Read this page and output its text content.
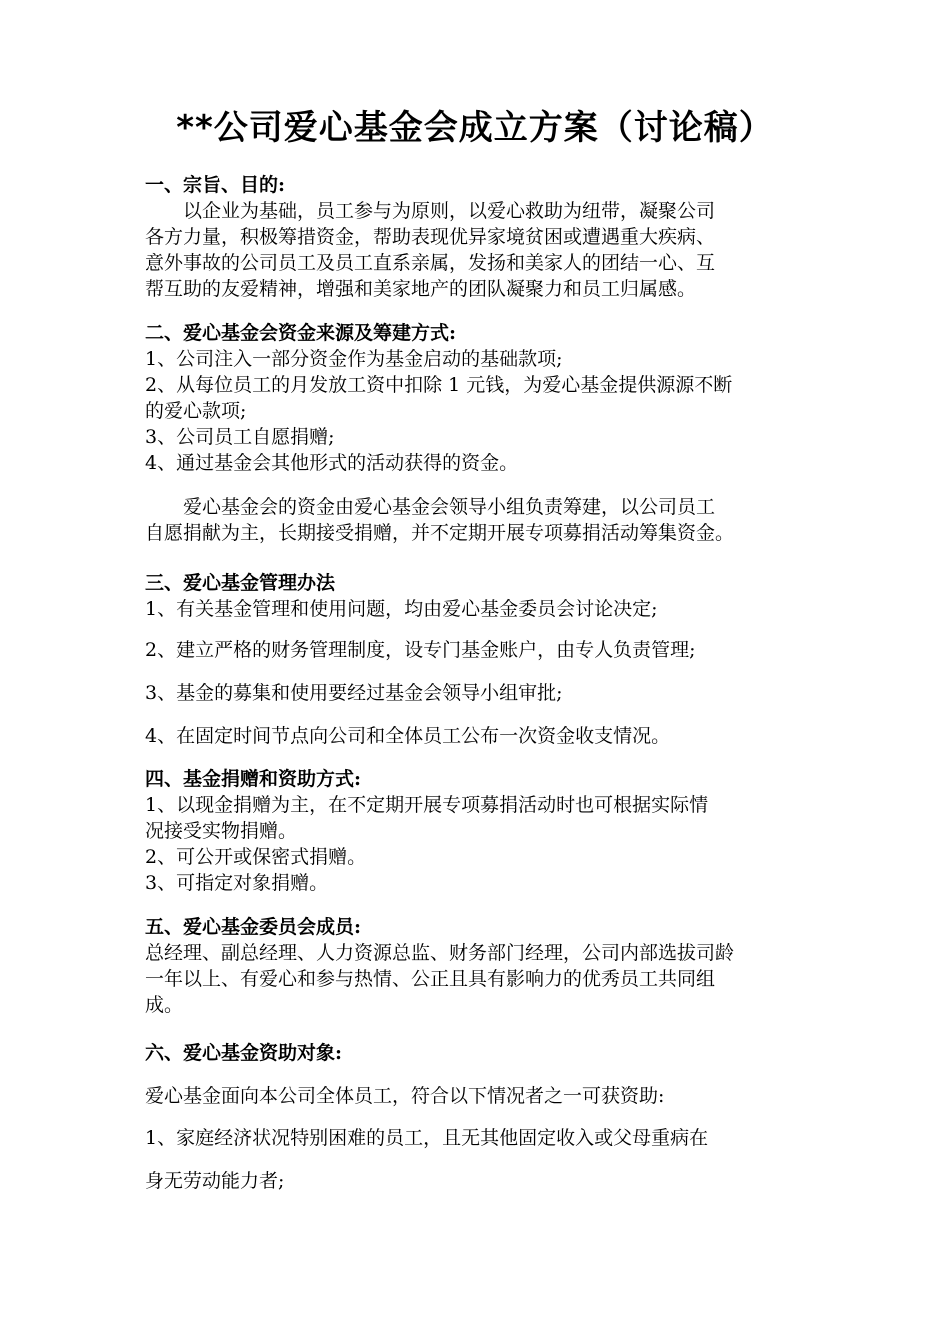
**公司爱心基金会成立方案（讨论稿）

一、宗旨、目的:

以企业为基础，员工参与为原则，以爱心救助为纽带，凝聚公司

各方力量，积极筹措资金，帮助表现优异家境贫困或遭遇重大疾病、

意外事故的公司员工及员工直系亲属，发扬和美家人的团结一心、互

帮互助的友爱精神，增强和美家地产的团队凝聚力和员工归属感。

二、爱心基金会资金来源及筹建方式:

1、公司注入一部分资金作为基金启动的基础款项;

2、从每位员工的月发放工资中扣除 1 元钱，为爱心基金提供源源不断

的爱心款项;

3、公司员工自愿捐赠;

4、通过基金会其他形式的活动获得的资金。

爱心基金会的资金由爱心基金会领导小组负责筹建，以公司员工

自愿捐献为主，长期接受捐赠，并不定期开展专项募捐活动筹集资金。

三、爱心基金管理办法

1、有关基金管理和使用问题，均由爱心基金委员会讨论决定;

2、建立严格的财务管理制度，设专门基金账户，由专人负责管理;

3、基金的募集和使用要经过基金会领导小组审批;

4、在固定时间节点向公司和全体员工公布一次资金收支情况。

四、基金捐赠和资助方式:

1、以现金捐赠为主，在不定期开展专项募捐活动时也可根据实际情

况接受实物捐赠。

2、可公开或保密式捐赠。

3、可指定对象捐赠。

五、爱心基金委员会成员:

总经理、副总经理、人力资源总监、财务部门经理，公司内部选拔司龄

一年以上、有爱心和参与热情、公正且具有影响力的优秀员工共同组

成。

六、爱心基金资助对象:

爱心基金面向本公司全体员工，符合以下情况者之一可获资助:

1、家庭经济状况特别困难的员工，且无其他固定收入或父母重病在

身无劳动能力者;
